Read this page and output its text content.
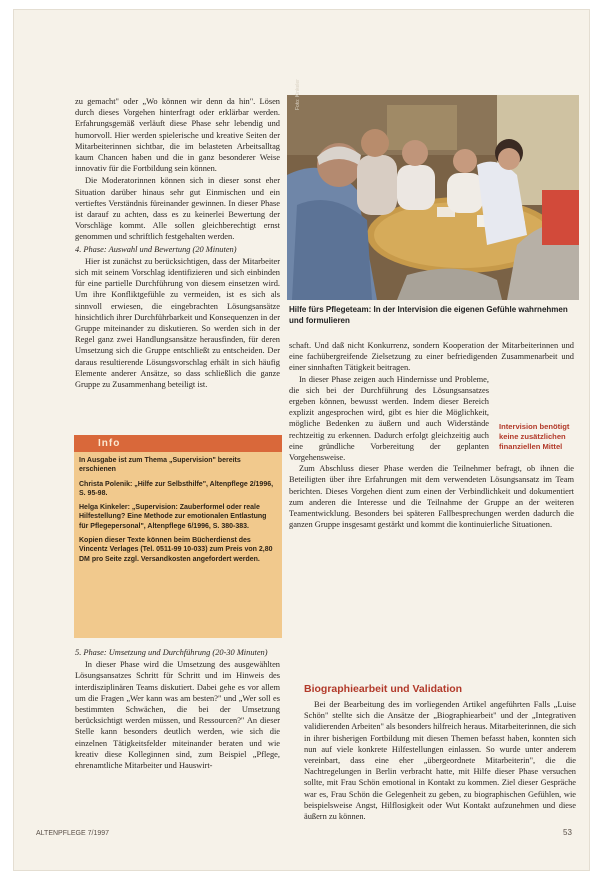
zu gemacht" oder „Wo können wir denn da hin". Lösen durch dieses Vorgehen hinterfragt oder erklärbar werden. Erfahrungsgemäß verläuft diese Phase sehr lebendig und humorvoll. Hier werden spielerische und kreative Seiten der Mitarbeiterinnen sichtbar, die im belasteten Arbeitsalltag kaum Chancen haben und die in ganz besonderer Weise innovativ für die Fortbildung sein können.

Die Moderatorinnen können sich in dieser sonst eher Situation darüber hinaus sehr gut Einmischen und ein vertieftes Verständnis füreinander gewinnen. In dieser Phase ist darauf zu achten, dass es zu keinerlei Bewertung der Vorschläge kommt. Alle sollen gleichberechtigt ernst genommen und schriftlich festgehalten werden.

4. Phase: Auswahl und Bewertung (20 Minuten)

Hier ist zunächst zu berücksichtigen, dass der Mitarbeiter sich mit seinem Vorschlag identifizieren und sich einbinden für eine partielle Durchführung von diesem einsetzen wird. Um ihre Konfliktgefühle zu vermeiden, ist es sich als sinnvoll erwiesen, die eingebrachten Lösungsansätze hinsichtlich ihrer Durchführbarkeit und Konsequenzen in der Gruppe miteinander zu diskutieren. So werden sich in der Regel ganz zwei Handlungsansätze herausfinden, für deren Umsetzung sich die Gruppe entschließt zu entscheiden. Der daraus resultierende Lösungsvorschlag erhält in sich häufig Elemente anderer Ansätze, so dass schließlich die ganze Gruppe zu Zusammenhang beteiligt ist.

Info

In Ausgabe ist zum Thema „Supervision" bereits erschienen

Christa Polenik: „Hilfe zur Selbsthilfe", Altenpflege 2/1996, S. 95-98.

Helga Kinkeler: „Supervision: Zauberformel oder reale Hilfestellung? Eine Methode zur emotionalen Entlastung für Pflegepersonal", Altenpflege 6/1996, S. 380-383.

Kopien dieser Texte können beim Bücherdienst des Vincentz Verlages (Tel. 0511-99 10-033) zum Preis von 2,80 DM pro Seite zzgl. Versandkosten angefordert werden.

5. Phase: Umsetzung und Durchführung (20-30 Minuten)

In dieser Phase wird die Umsetzung des ausgewählten Lösungsansatzes Schritt für Schritt und im Hinweis des interdisziplinären Teams diskutiert. Dabei gehe es vor allem um die Fragen „Wer kann was am besten?" und „Wer soll es bestimmten Schwächen, die bei der Umsetzung berücksichtigt werden müssen, und Ressourcen?" An dieser Stelle kann besonders deutlich werden, wie sich die einzelnen Tätigkeitsfelder miteinander beraten und wie kreativ diese Kolleginnen sind, zum Beispiel „Pflege, ehrenamtliche Mitarbeiter und Hauswirt-

Foto: Kinkeler
Hilfe fürs Pflegeteam: In der Intervision die eigenen Gefühle wahrnehmen und formulieren

schaft. Und daß nicht Konkurrenz, sondern Kooperation der Mitarbeiterinnen und eine fachübergreifende Zielsetzung zu einer befriedigenden Zusammenarbeit und einer sinnhaften Tätigkeit beitragen.

In dieser Phase zeigen auch Hindernisse und Probleme, die sich bei der Durchführung des Lösungsansatzes ergeben können, bewusst werden. Indem dieser Bereich explizit angesprochen wird, gibt es hier die Möglichkeit, mögliche Bedenken zu äußern und auch Widerstände rechtzeitig zu erkennen. Dadurch erfolgt gleichzeitig auch eine gründliche Vorbereitung der geplanten Vorgehensweise.

Zum Abschluss dieser Phase werden die Teilnehmer befragt, ob ihnen die Beteiligten über ihre Erfahrungen mit dem verwendeten Lösungsansatz im Team berichten. Dieses Vorgehen dient zum einen der Verbindlichkeit und dokumentiert zum anderen die Interesse und die Teilnahme der Gruppe an der weiteren Teamentwicklung. Besonders bei späteren Fallbesprechungen werden dadurch die ganzen Gruppe insgesamt gestärkt und kommt die kontinuierliche Situationen.

Intervision benötigt keine zusätzlichen finanziellen Mittel
Biographiearbeit und Validation

Bei der Bearbeitung des im vorliegenden Artikel angeführten Falls „Luise Schön" stellte sich die Ansätze der „Biographiearbeit" und der „Integrativen validierenden Arbeiten" als besonders hilfreich heraus. Mitarbeiterinnen, die sich in ihrer bisherigen Fortbildung mit diesen Themen befasst haben, konnten sich nun auf viele konkrete Hilfestellungen einlassen. So wurde unter anderem vereinbart, dass eine eher „übergeordnete Mitarbeiterin", die die Nachtregelungen in Berlin verbracht hatte, mit Hilfe dieser Phase versuchen sollte, mit Frau Schön emotional in Kontakt zu kommen. Ziel dieser Gespräche war es, Frau Schön die Gelegenheit zu geben, zu biographischen Gefühlen, wie beispielsweise Angst, Hilflosigkeit oder Wut Kontakt aufzunehmen und diese äußern zu können.

ALTENPFLEGE 7/1997	53
